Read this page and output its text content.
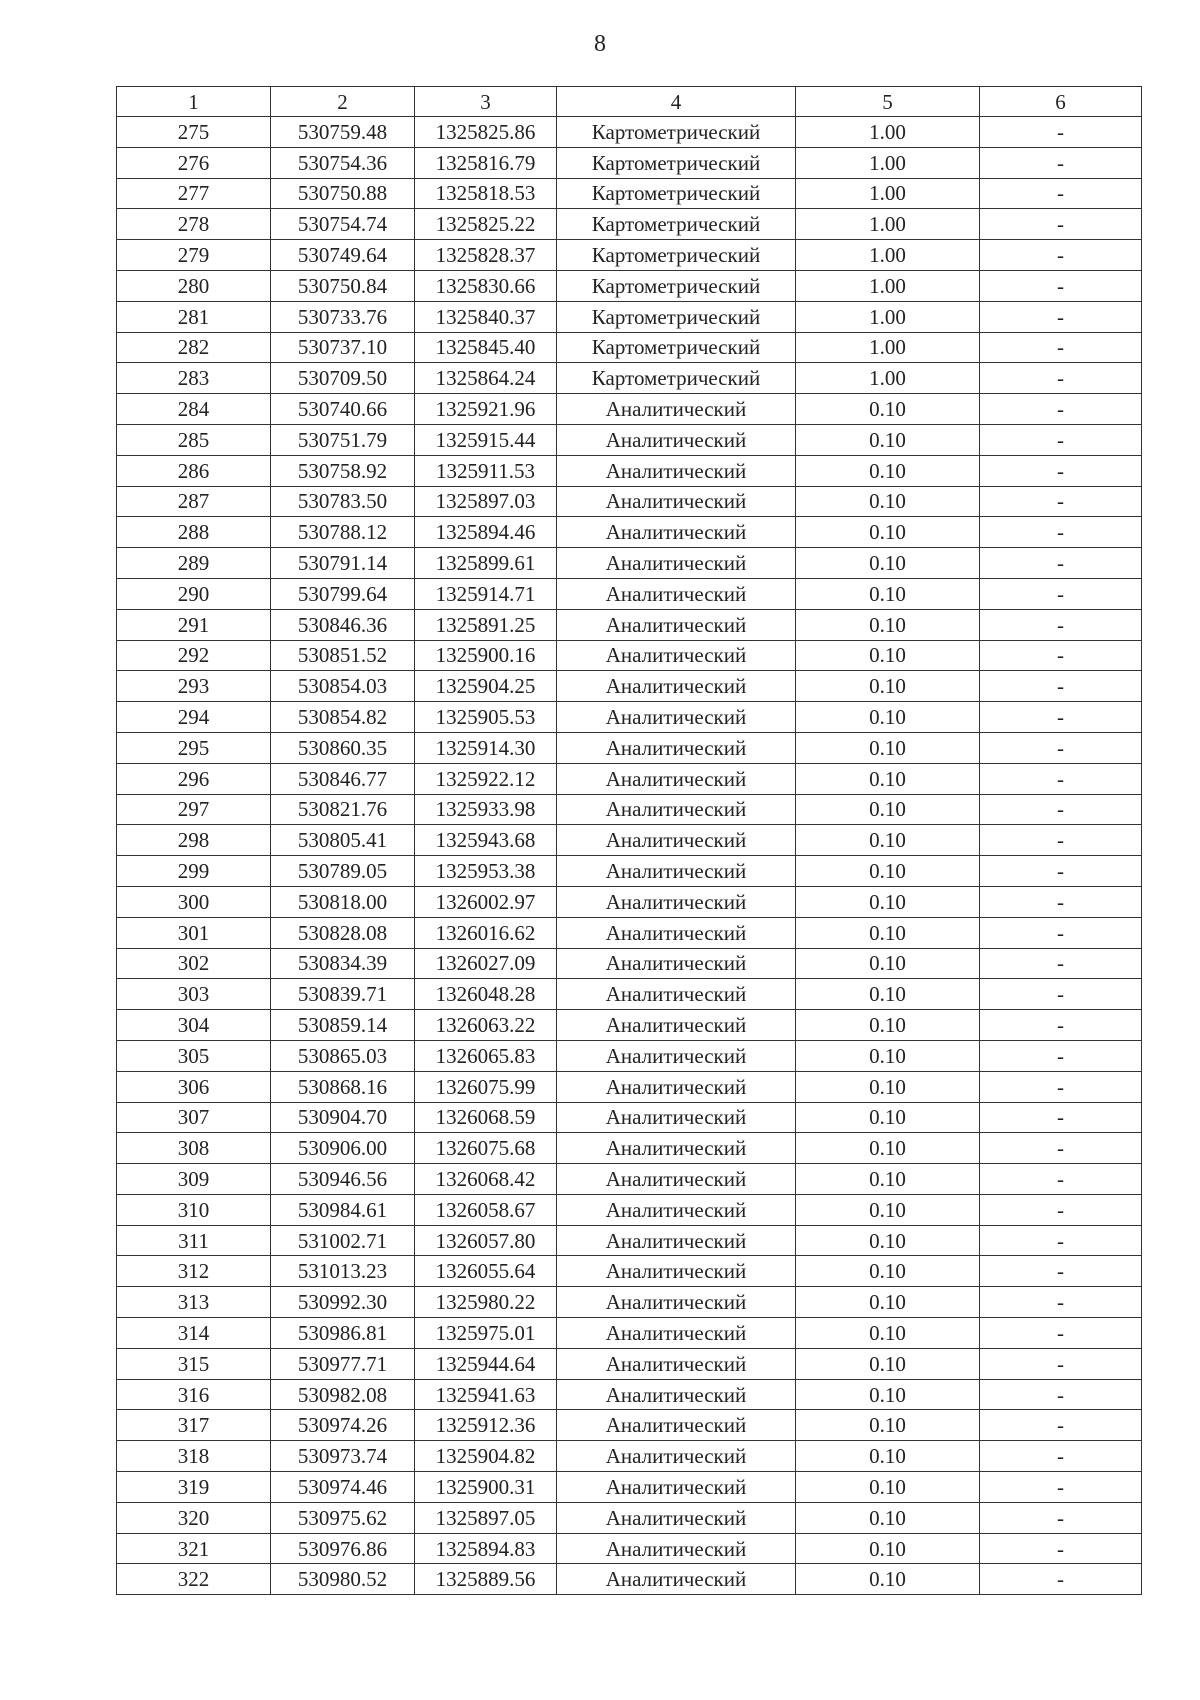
8
1	2	3	4	5	6
275	530759.48	1325825.86	Картометрический	1.00	-
276	530754.36	1325816.79	Картометрический	1.00	-
277	530750.88	1325818.53	Картометрический	1.00	-
278	530754.74	1325825.22	Картометрический	1.00	-
279	530749.64	1325828.37	Картометрический	1.00	-
280	530750.84	1325830.66	Картометрический	1.00	-
281	530733.76	1325840.37	Картометрический	1.00	-
282	530737.10	1325845.40	Картометрический	1.00	-
283	530709.50	1325864.24	Картометрический	1.00	-
284	530740.66	1325921.96	Аналитический	0.10	-
285	530751.79	1325915.44	Аналитический	0.10	-
286	530758.92	1325911.53	Аналитический	0.10	-
287	530783.50	1325897.03	Аналитический	0.10	-
288	530788.12	1325894.46	Аналитический	0.10	-
289	530791.14	1325899.61	Аналитический	0.10	-
290	530799.64	1325914.71	Аналитический	0.10	-
291	530846.36	1325891.25	Аналитический	0.10	-
292	530851.52	1325900.16	Аналитический	0.10	-
293	530854.03	1325904.25	Аналитический	0.10	-
294	530854.82	1325905.53	Аналитический	0.10	-
295	530860.35	1325914.30	Аналитический	0.10	-
296	530846.77	1325922.12	Аналитический	0.10	-
297	530821.76	1325933.98	Аналитический	0.10	-
298	530805.41	1325943.68	Аналитический	0.10	-
299	530789.05	1325953.38	Аналитический	0.10	-
300	530818.00	1326002.97	Аналитический	0.10	-
301	530828.08	1326016.62	Аналитический	0.10	-
302	530834.39	1326027.09	Аналитический	0.10	-
303	530839.71	1326048.28	Аналитический	0.10	-
304	530859.14	1326063.22	Аналитический	0.10	-
305	530865.03	1326065.83	Аналитический	0.10	-
306	530868.16	1326075.99	Аналитический	0.10	-
307	530904.70	1326068.59	Аналитический	0.10	-
308	530906.00	1326075.68	Аналитический	0.10	-
309	530946.56	1326068.42	Аналитический	0.10	-
310	530984.61	1326058.67	Аналитический	0.10	-
311	531002.71	1326057.80	Аналитический	0.10	-
312	531013.23	1326055.64	Аналитический	0.10	-
313	530992.30	1325980.22	Аналитический	0.10	-
314	530986.81	1325975.01	Аналитический	0.10	-
315	530977.71	1325944.64	Аналитический	0.10	-
316	530982.08	1325941.63	Аналитический	0.10	-
317	530974.26	1325912.36	Аналитический	0.10	-
318	530973.74	1325904.82	Аналитический	0.10	-
319	530974.46	1325900.31	Аналитический	0.10	-
320	530975.62	1325897.05	Аналитический	0.10	-
321	530976.86	1325894.83	Аналитический	0.10	-
322	530980.52	1325889.56	Аналитический	0.10	-
